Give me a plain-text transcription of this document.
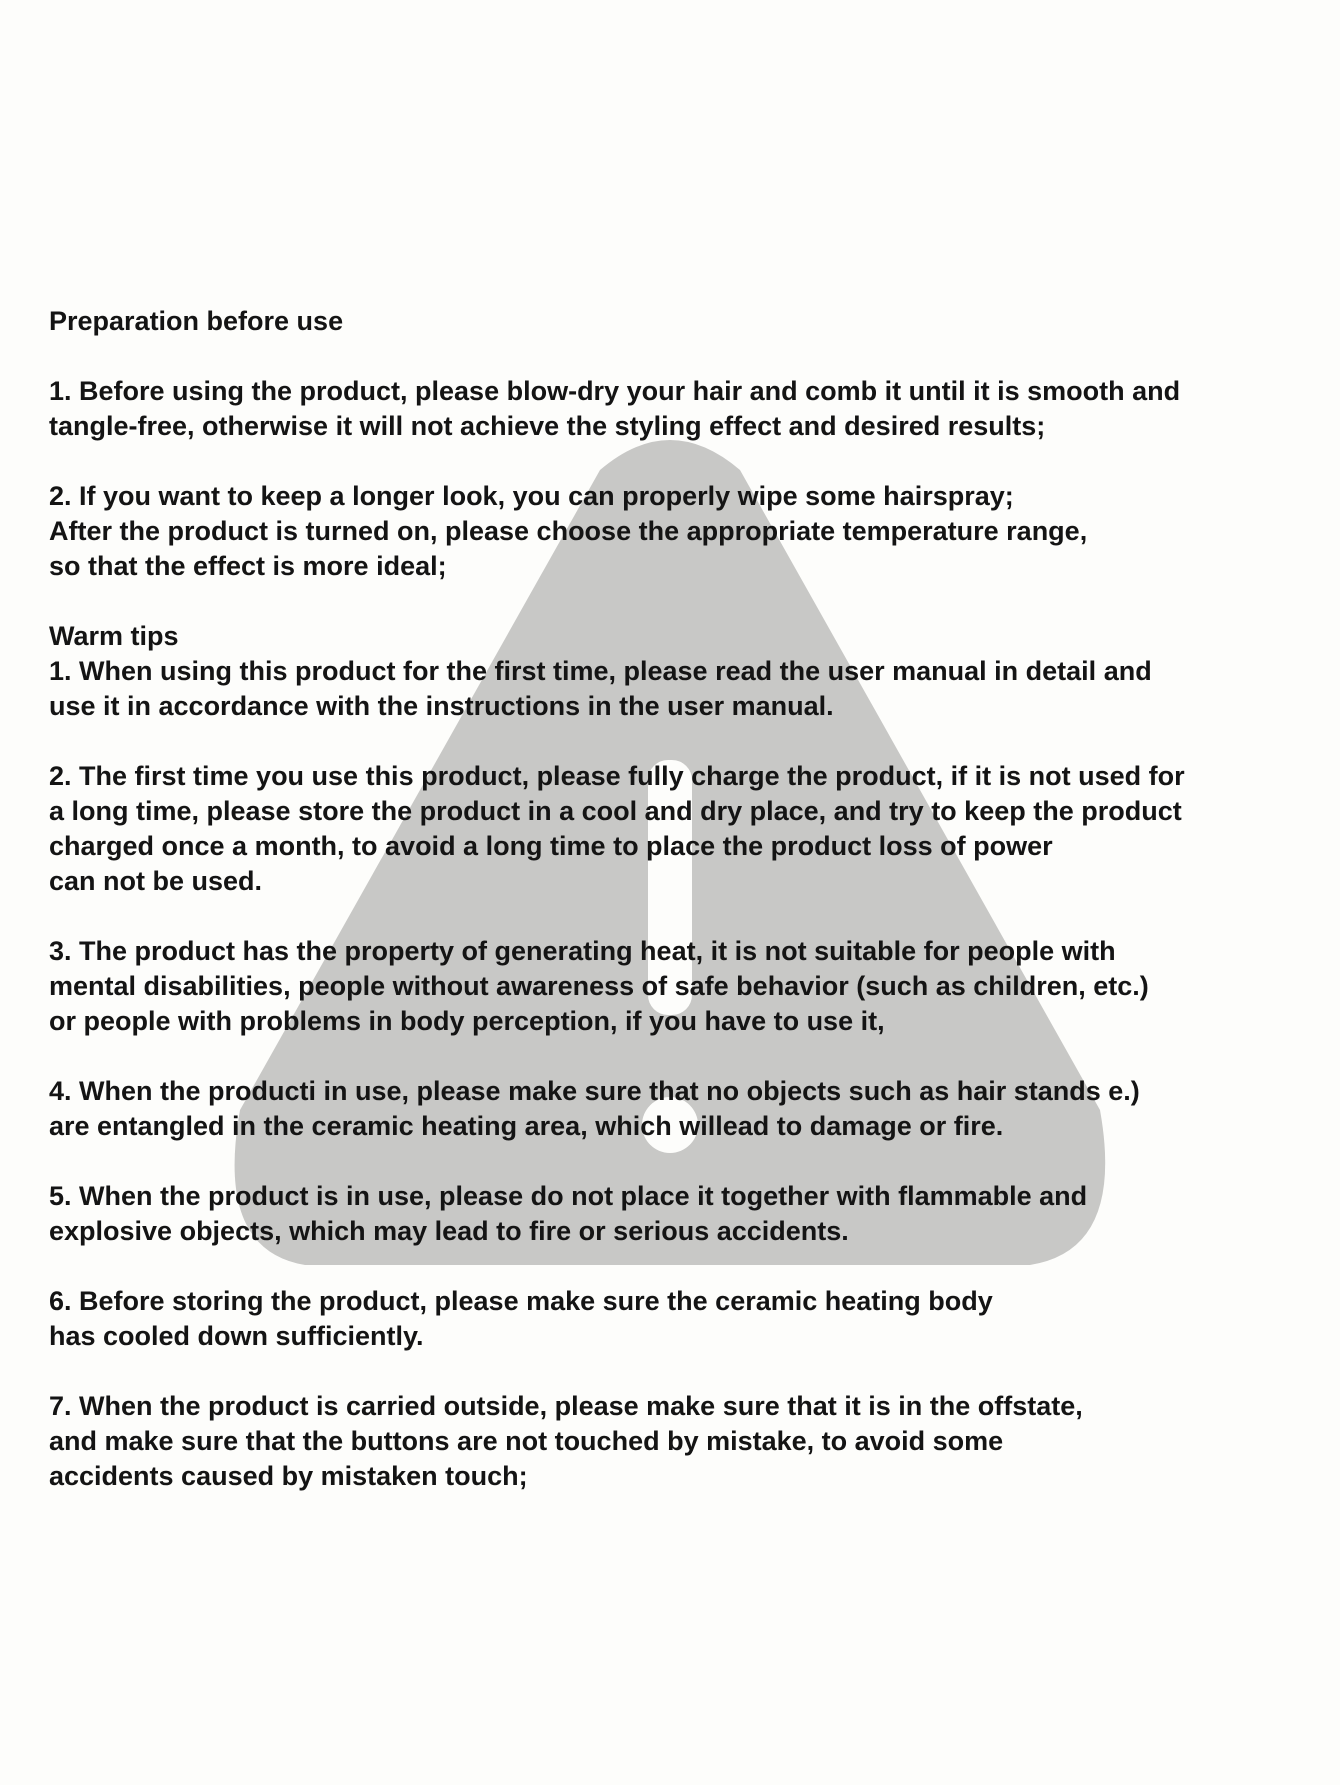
Preparation before use
1. Before using the product, please blow-dry your hair and comb it until it is smooth and
tangle-free, otherwise it will not achieve the styling effect and desired results;
2. If you want to keep a longer look, you can properly wipe some hairspray;
After the product is turned on, please choose the appropriate temperature range,
so that the effect is more ideal;
Warm tips
1. When using this product for the first time, please read the user manual in detail and
use it in accordance with the instructions in the user manual.
2. The first time you use this product, please fully charge the product, if it is not used for
a long time, please store the product in a cool and dry place, and try to keep the product
charged once a month, to avoid a long time to place the product loss of power
can not be used.
3. The product has the property of generating heat, it is not suitable for people with
mental disabilities, people without awareness of safe behavior (such as children, etc.)
or people with problems in body perception, if you have to use it,
4. When the producti in use, please make sure that no objects such as hair stands e.)
are entangled in the ceramic heating area, which willead to damage or fire.
5. When the product is in use, please do not place it together with flammable and
explosive objects, which may lead to fire or serious accidents.
6. Before storing the product, please make sure the ceramic heating body
has cooled down sufficiently.
7. When the product is carried outside, please make sure that it is in the offstate,
and make sure that the buttons are not touched by mistake, to avoid some
accidents caused by mistaken touch;
